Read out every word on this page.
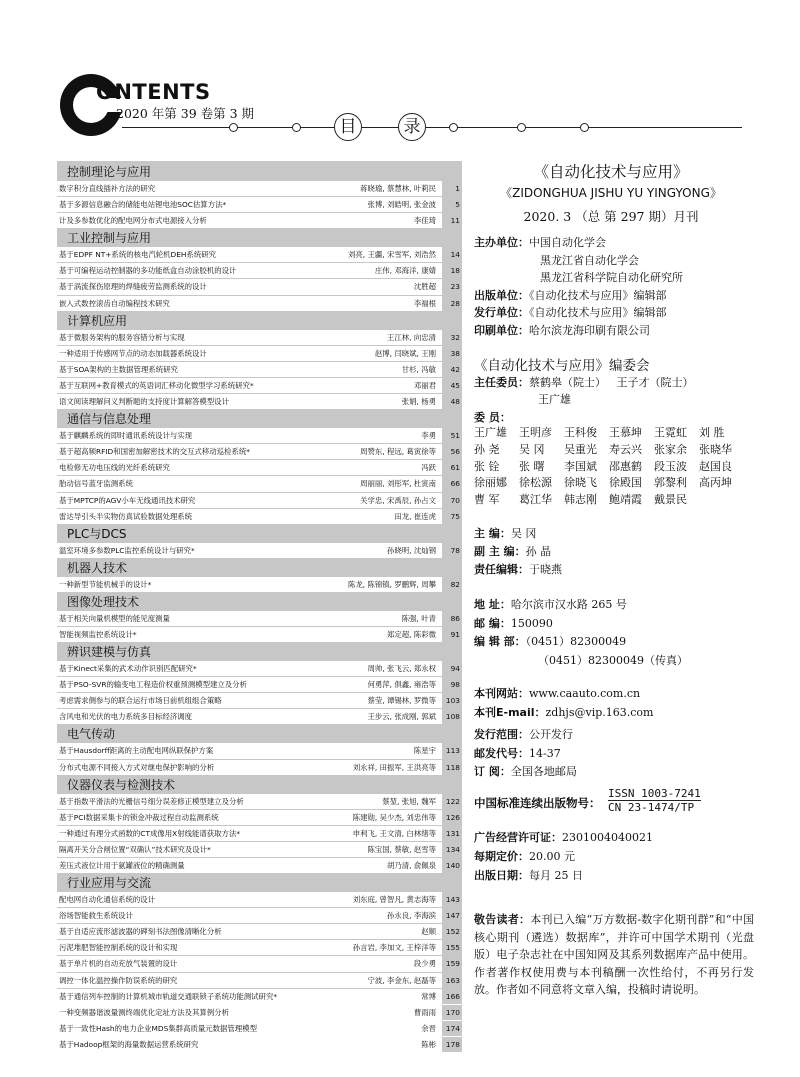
ONTENTS
2020 年第 39 卷第 3 期
目	录
控制理论与应用
数字积分直线插补方法的研究	蒋晓瑜, 蔡慧林, 叶莉民	1
基于多源信息融合的储能电站锂电池SOC估算方法*	张博, 刘皓明, 张金波	5
计及多参数优化的配电网分布式电源接入分析	李佳琦	11
工业控制与应用
基于EDPF NT+系统的核电汽轮机DEH系统研究	刘亮, 王疆, 宋雪军, 刘浩然	14
基于可编程运动控制器的多功能纸盒自动涂胶机的设计	庄伟, 邓海洋, 康婧	18
基于涡流探伤原理的焊缝疲劳监测系统的设计	沈胜超	23
嵌入式数控滚齿自动编程技术研究	李福根	28
计算机应用
基于微服务架构的服务容错分析与实现	王江林, 向忠清	32
一种适用于传感网节点的动态加载器系统设计	赵博, 闫晓斌, 王刚	38
基于SOA架构的主数据管理系统研究	甘杉, 冯敏	42
基于互联网+教育模式的英语词汇移动化微型学习系统研究*	邓丽君	45
语文阅读理解问义判断题的支持度计算解答模型设计	张娟, 杨勇	48
通信与信息处理
基于麒麟系统的即时通讯系统设计与实现	李勇	51
基于超高频RFID和国密加解密技术的交互式移动巡检系统*	周赞东, 程远, 葛寅徐等	56
电检修无功电压线的光纤系统研究	冯跃	61
胎动信号蓝牙监测系统	周丽丽, 刘彤军, 杜寅南	66
基于MPTCP的AGV小车无线通讯技术研究	关学忠, 宋禹辰, 孙占文	70
雷达导引头半实物仿真试验数据处理系统	田龙, 崔连虎	75
PLC与DCS
温室环境多参数PLC监控系统设计与研究*	孙晓明, 沈灿钢	78
机器人技术
一种新型节能机械手的设计*	陈龙, 陈锦镇, 罗鹏辉, 周攀	82
图像处理技术
基于相关向量机模型的能见度测量	陈强, 叶青	86
智能视频监控系统设计*	郑定超, 陈彩微	91
辨识建模与仿真
基于Kinect采集的武术动作识别匹配研究*	周帅, 张飞云, 郑永权	94
基于PSO-SVR的输变电工程造价权重预测模型建立及分析	何勇萍, 俱鑫, 雍浩等	98
考虑需求侧参与的联合运行市场日前机组组合策略	蔡莹, 谭锡林, 罗微等	103
含风电和光伏的电力系统多目标经济调度	王步云, 张成刚, 郭斌	108
电气传动
基于Hausdorff距离的主动配电网纵联保护方案	陈星宇	113
分布式电源不同接入方式对继电保护影响的分析	刘永祥, 田振军, 王洪亮等	118
仪器仪表与检测技术
基于指数平滑法的光栅信号细分误差修正模型建立及分析	蔡堃, 张旭, 魏军	122
基于PCI数据采集卡的锁金冲裁过程自动监测系统	陈建勋, 吴少杰, 刘忠伟等	126
一种通过有理分式函数的CT成像用X射线能谱获取方法*	申利飞, 王文清, 白林绪等	131
隔离开关分合闸位置“双确认”技术研究及设计*	陈宝国, 蔡敏, 赵雪等	134
差压式液位计用于氨罐液位的精确测量	胡乃清, 俞佩泉	140
行业应用与交流
配电网自动化通信系统的设计	刘东庭, 曾智凡, 黄志海等	143
浴场智能救生系统设计	孙永良, 李海滨	147
基于自适应流形滤波器的碑刻书法图像清晰化分析	赵顺	152
污泥堆肥智能控制系统的设计和实现	孙言岩, 李加文, 王梓洋等	155
基于单片机的自动充放气装置的设计	段少勇	159
调控一体化温控操作防误系统的研究	宁波, 李金东, 赵磊等	163
基于通信列车控制的计算机城市轨道交通联锁子系统功能测试研究*	常博	166
一种变频器谐波量测终端优化定址方法及其算例分析	曹雨雨	170
基于一致性Hash的电力企业MDS集群高质量元数据管理模型	余晋	174
基于Hadoop框架的海量数据运营系统研究	陈彬	178
《自动化技术与应用》
《ZIDONGHUA JISHU YU YINGYONG》
2020. 3 （总 第 297 期）月刊
主办单位：中国自动化学会
黑龙江省自动化学会
黑龙江省科学院自动化研究所
出版单位：《自动化技术与应用》编辑部
发行单位：《自动化技术与应用》编辑部
印刷单位：哈尔滨龙海印刷有限公司
《自动化技术与应用》编委会
主任委员：蔡鹤皋（院士） 王子才（院士）
王广雄
委 员：
王广雄 王明彦 王科俊 王慕坤 王霓虹 刘 胜
孙 尧 吴 冈 吴重光 寿云兴 张家余 张晓华
张 铨 张 曙 李国斌 邵惠鹤 段玉波 赵国良
徐丽娜 徐松源 徐晓飞 徐殿国 郭黎利 高丙坤
曹 军 葛江华 韩志刚 鲍靖霞 戴景民
主 编：吴 冈
副 主 编：孙 晶
责任编辑：于晓燕
地 址：哈尔滨市汉水路 265 号
邮 编：150090
编 辑 部：（0451）82300049
（0451）82300049（传真）
本刊网站：www.caauto.com.cn
本刊E-mail：zdhjs@vip.163.com
发行范围：公开发行
邮发代号：14-37
订 阅：全国各地邮局
中国标准连续出版物号：
ISSN 1003-7241
CN 23-1474/TP
广告经营许可证：2301004040021
每期定价：20.00 元
出版日期：每月 25 日
敬告读者：本刊已入编“万方数据-数字化期刊群”和“中国核心期刊（遴选）数据库”，并许可中国学术期刊（光盘版）电子杂志社在中国知网及其系列数据库产品中使用。作者著作权使用费与本刊稿酬一次性给付，不再另行发放。作者如不同意将文章入编，投稿时请说明。
